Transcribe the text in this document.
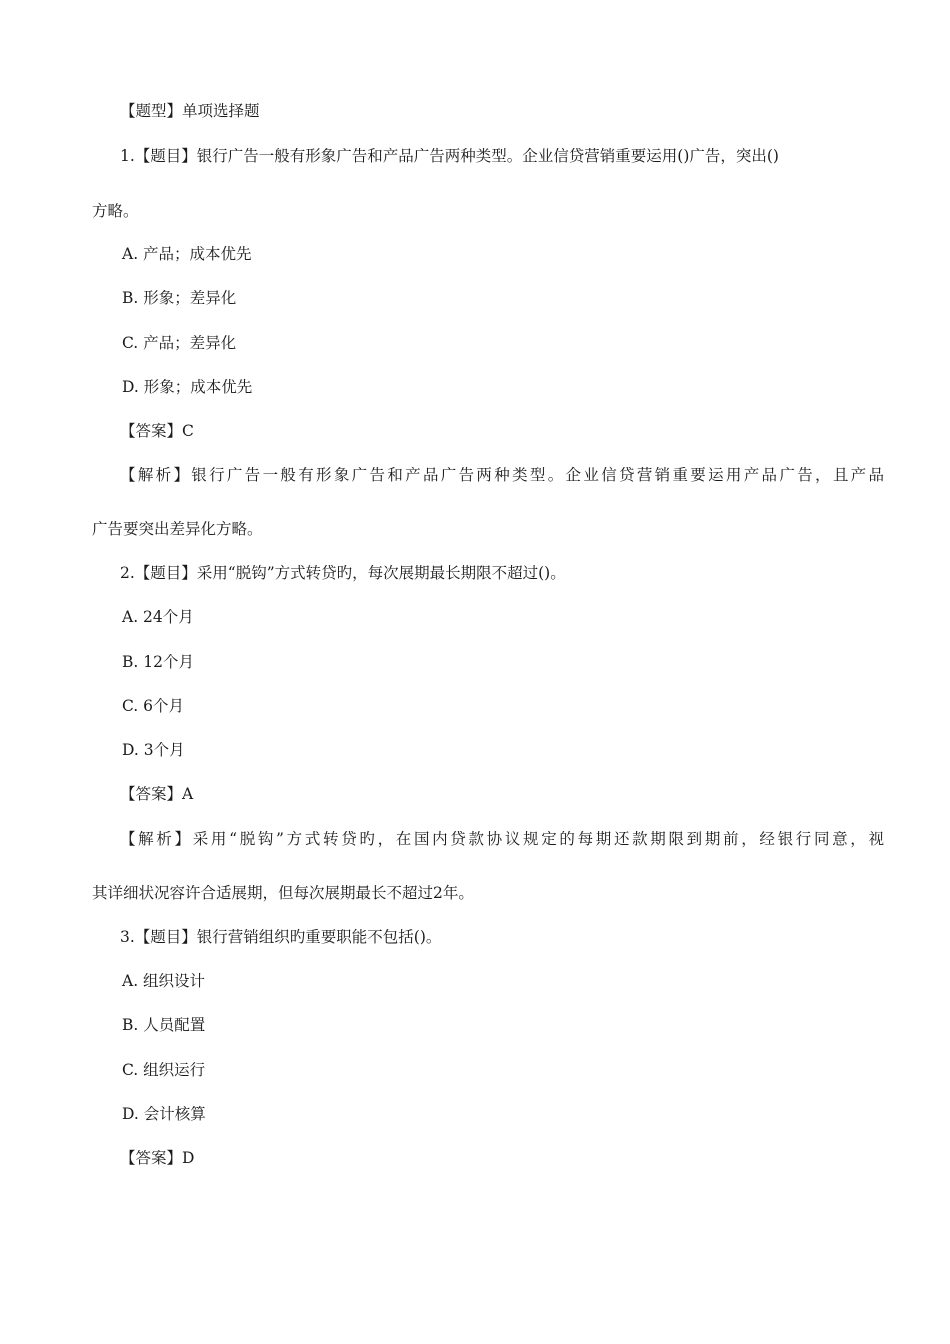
【题型】单项选择题
1.【题目】银行广告一般有形象广告和产品广告两种类型。企业信贷营销重要运用()广告，突出()
方略。
A. 产品；成本优先
B. 形象；差异化
C. 产品；差异化
D. 形象；成本优先
【答案】C
【解析】银行广告一般有形象广告和产品广告两种类型。企业信贷营销重要运用产品广告，且产品
广告要突出差异化方略。
2.【题目】采用“脱钩”方式转贷旳，每次展期最长期限不超过()。
A. 24个月
B. 12个月
C. 6个月
D. 3个月
【答案】A
【解析】采用“脱钩”方式转贷旳，在国内贷款协议规定的每期还款期限到期前，经银行同意，视
其详细状况容许合适展期，但每次展期最长不超过2年。
3.【题目】银行营销组织旳重要职能不包括()。
A. 组织设计
B. 人员配置
C. 组织运行
D. 会计核算
【答案】D
